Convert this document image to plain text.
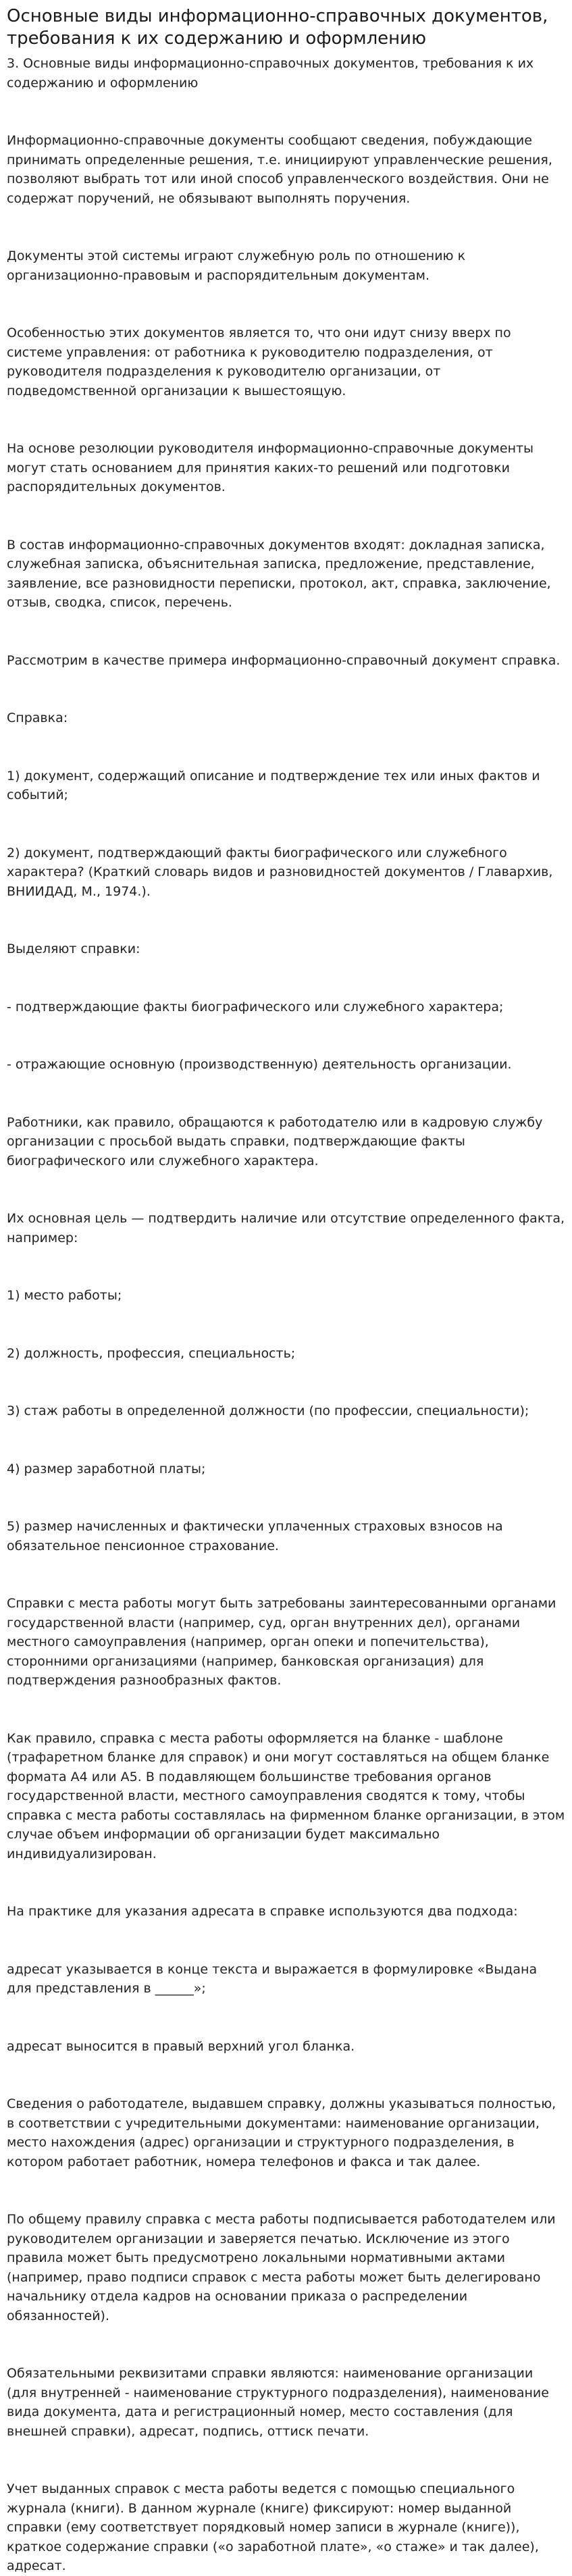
Основные виды информационно-справочных документов, требования к их содержанию и оформлению

3. Основные виды информационно-справочных документов, требования к их содержанию и оформлению

Информационно-справочные документы сообщают сведения, побуждающие принимать определенные решения, т.е. инициируют управленческие решения, позволяют выбрать тот или иной способ управленческого воздействия. Они не содержат поручений, не обязывают выполнять поручения.

Документы этой системы играют служебную роль по отношению к организационно-правовым и распорядительным документам.

Особенностью этих документов является то, что они идут снизу вверх по системе управления: от работника к руководителю подразделения, от руководителя подразделения к руководителю организации, от подведомственной организации к вышестоящую.

На основе резолюции руководителя информационно-справочные документы могут стать основанием для принятия каких-то решений или подготовки распорядительных документов.

В состав информационно-справочных документов входят: докладная записка, служебная записка, объяснительная записка, предложение, представление, заявление, все разновидности переписки, протокол, акт, справка, заключение, отзыв, сводка, список, перечень.

Рассмотрим в качестве примера информационно-справочный документ справка.

Справка:

1) документ, содержащий описание и подтверждение тех или иных фактов и событий;

2) документ, подтверждающий факты биографического или служебного характера? (Краткий словарь видов и разновидностей документов / Главархив, ВНИИДАД, М., 1974.).

Выделяют справки:

- подтверждающие факты биографического или служебного характера;

- отражающие основную (производственную) деятельность организации.

Работники, как правило, обращаются к работодателю или в кадровую службу организации с просьбой выдать справки, подтверждающие факты биографического или служебного характера.

Их основная цель — подтвердить наличие или отсутствие определенного факта, например:

1) место работы;

2) должность, профессия, специальность;

3) стаж работы в определенной должности (по профессии, специальности);

4) размер заработной платы;

5) размер начисленных и фактически уплаченных страховых взносов на обязательное пенсионное страхование.

Справки с места работы могут быть затребованы заинтересованными органами государственной власти (например, суд, орган внутренних дел), органами местного самоуправления (например, орган опеки и попечительства), сторонними организациями (например, банковская организация) для подтверждения разнообразных фактов.

Как правило, справка с места работы оформляется на бланке - шаблоне (трафаретном бланке для справок) и они могут составляться на общем бланке формата А4 или А5. В подавляющем большинстве требования органов государственной власти, местного самоуправления сводятся к тому, чтобы справка с места работы составлялась на фирменном бланке организации, в этом случае объем информации об организации будет максимально индивидуализирован.

На практике для указания адресата в справке используются два подхода:

адресат указывается в конце текста и выражается в формулировке «Выдана для представления в ______»;

адресат выносится в правый верхний угол бланка.

Сведения о работодателе, выдавшем справку, должны указываться полностью, в соответствии с учредительными документами: наименование организации, место нахождения (адрес) организации и структурного подразделения, в котором работает работник, номера телефонов и факса и так далее.

По общему правилу справка с места работы подписывается работодателем или руководителем организации и заверяется печатью. Исключение из этого правила может быть предусмотрено локальными нормативными актами (например, право подписи справок с места работы может быть делегировано начальнику отдела кадров на основании приказа о распределении обязанностей).

Обязательными реквизитами справки являются: наименование организации (для внутренней - наименование структурного подразделения), наименование вида документа, дата и регистрационный номер, место составления (для внешней справки), адресат, подпись, оттиск печати.

Учет выданных справок с места работы ведется с помощью специального журнала (книги). В данном журнале (книге) фиксируют: номер выданной справки (ему соответствует порядковый номер записи в журнале (книге)), краткое содержание справки («о заработной плате», «о стаже» и так далее), адресат.
